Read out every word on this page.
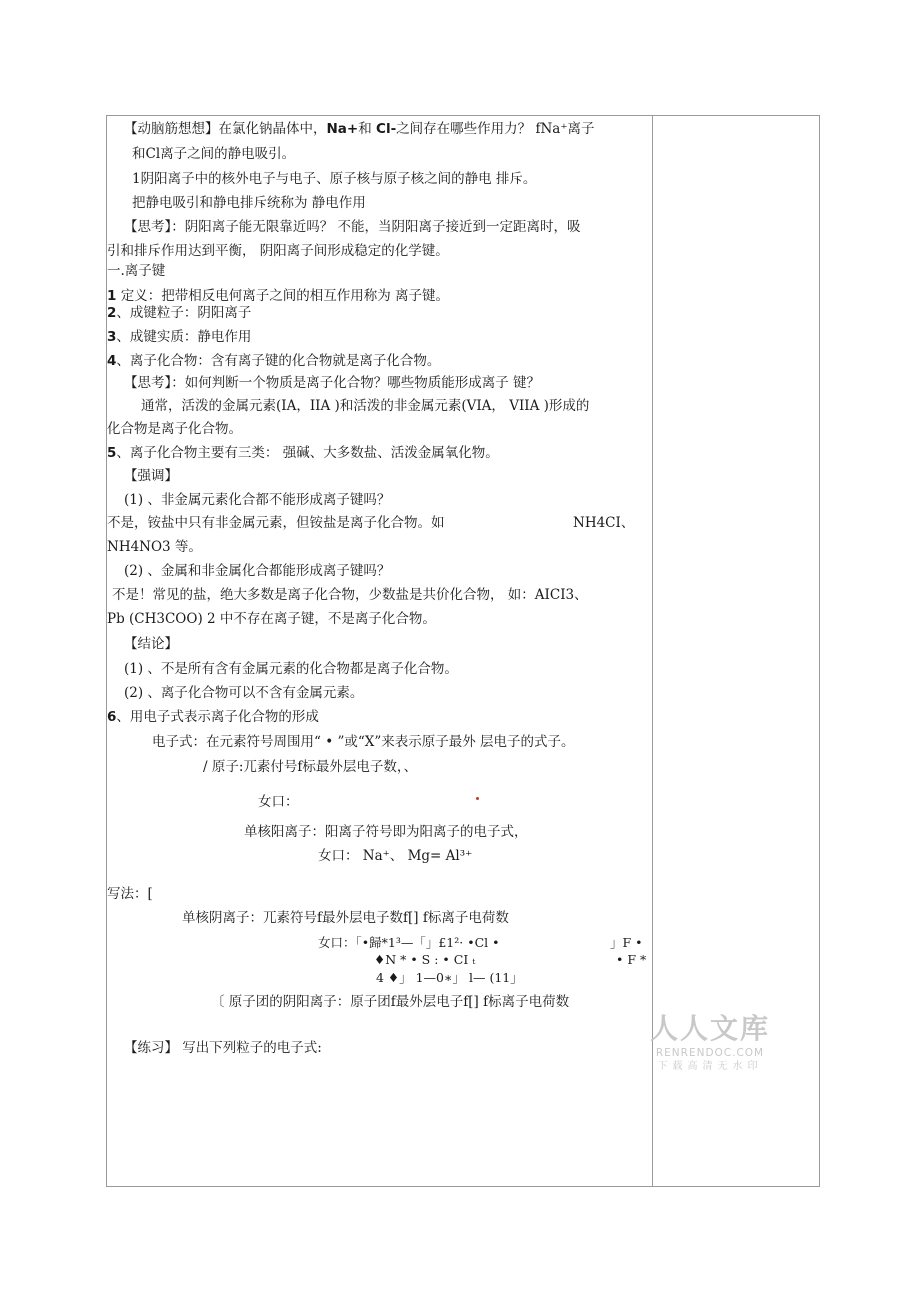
【动脑筋想想】在氯化钠晶体中，Na+和 Cl-之间存在哪些作用力？ fNa⁺离子
和Cl离子之间的静电吸引。
1阴阳离子中的核外电子与电子、原子核与原子核之间的静电 排斥。
把静电吸引和静电排斥统称为 静电作用
【思考】：阴阳离子能无限靠近吗？ 不能，当阴阳离子接近到一定距离时，吸
引和排斥作用达到平衡， 阴阳离子间形成稳定的化学键。
一.离子键
1 定义：把带相反电何离子之间的相互作用称为 离子键。
2、成键粒子：阴阳离子
3、成键实质：静电作用
4、离子化合物：含有离子键的化合物就是离子化合物。
【思考】：如何判断一个物质是离子化合物？哪些物质能形成离子 键？
通常，活泼的金属元素(IA，IIA )和活泼的非金属元素(VIA， VIIA )形成的
化合物是离子化合物。
5、离子化合物主要有三类： 强碱、大多数盐、活泼金属氧化物。
【强调】
(1) 、非金属元素化合都不能形成离子键吗？
不是，铵盐中只有非金属元素，但铵盐是离子化合物。如	NH4CI、
NH4NO3 等。
(2) 、金属和非金属化合都能形成离子键吗？
不是！常见的盐，绝大多数是离子化合物，少数盐是共价化合物， 如：AICI3、
Pb (CH3COO) 2 中不存在离子键，不是离子化合物。
【结论】
(1) 、不是所有含有金属元素的化合物都是离子化合物。
(2) 、离子化合物可以不含有金属元素。
6、用电子式表示离子化合物的形成
电子式：在元素符号周围用“ • ”或“X”来表示原子最外 层电子的式子。
/ 原子:兀素付号f标最外层电子数，、
女口：
单核阳离子：阳离子符号即为阳离子的电子式，
女口： Na⁺、 Mg= Al³⁺
写法：[
单核阴离子：兀素符号f最外层电子数f[] f标离子电荷数
女口：「•歸*1³—「」£1²· •Cl •	」F •
♦N * • S : • CI ₜ	• F *
4 ♦」 1—0∗」 l— (11」
〔 原子团的阴阳离子：原子团f最外层电子f[] f标离子电荷数
【练习】 写出下列粒子的电子式:
人人文库
RENRENDOC.COM
下载高清无水印
